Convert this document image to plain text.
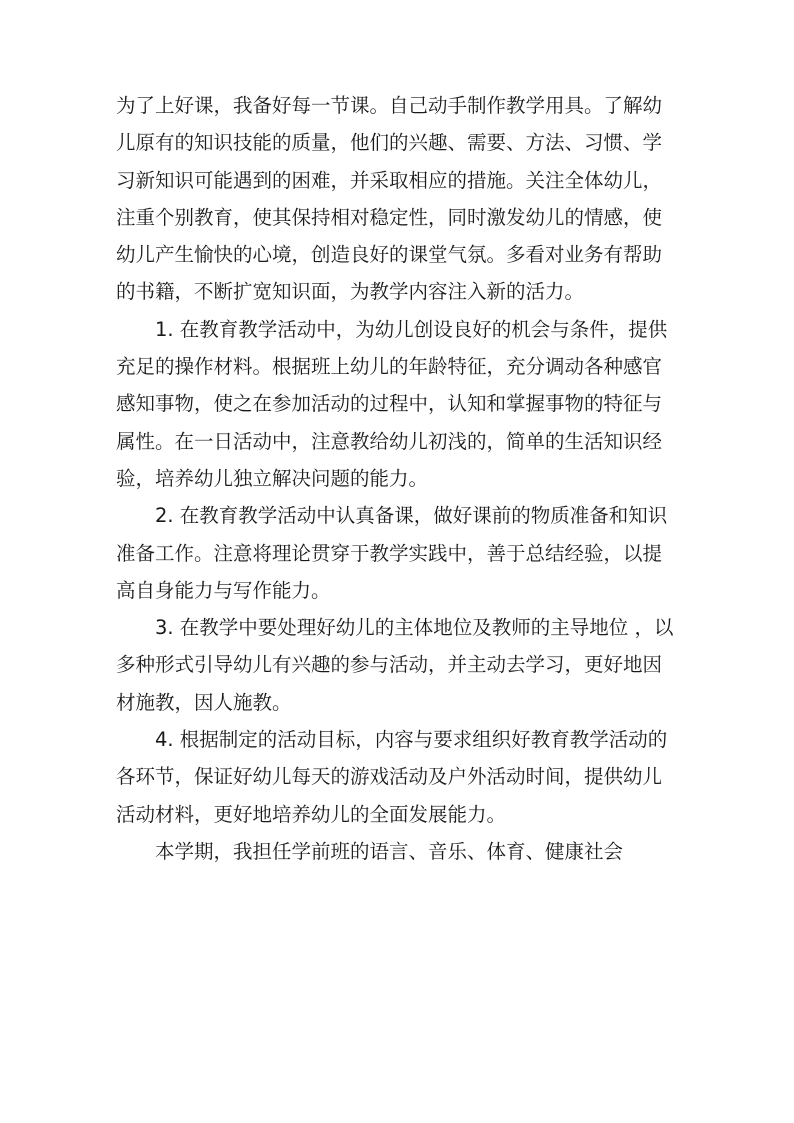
为了上好课，我备好每一节课。自己动手制作教学用具。了解幼儿原有的知识技能的质量，他们的兴趣、需要、方法、习惯、学习新知识可能遇到的困难，并采取相应的措施。关注全体幼儿，注重个别教育，使其保持相对稳定性，同时激发幼儿的情感，使幼儿产生愉快的心境，创造良好的课堂气氛。多看对业务有帮助的书籍，不断扩宽知识面，为教学内容注入新的活力。

1. 在教育教学活动中，为幼儿创设良好的机会与条件，提供充足的操作材料。根据班上幼儿的年龄特征，充分调动各种感官感知事物，使之在参加活动的过程中，认知和掌握事物的特征与属性。在一日活动中，注意教给幼儿初浅的，简单的生活知识经验，培养幼儿独立解决问题的能力。

2. 在教育教学活动中认真备课，做好课前的物质准备和知识准备工作。注意将理论贯穿于教学实践中，善于总结经验，以提高自身能力与写作能力。

3. 在教学中要处理好幼儿的主体地位及教师的主导地位 ，以多种形式引导幼儿有兴趣的参与活动，并主动去学习，更好地因材施教，因人施教。

4. 根据制定的活动目标，内容与要求组织好教育教学活动的各环节，保证好幼儿每天的游戏活动及户外活动时间，提供幼儿活动材料，更好地培养幼儿的全面发展能力。

本学期，我担任学前班的语言、音乐、体育、健康社会
